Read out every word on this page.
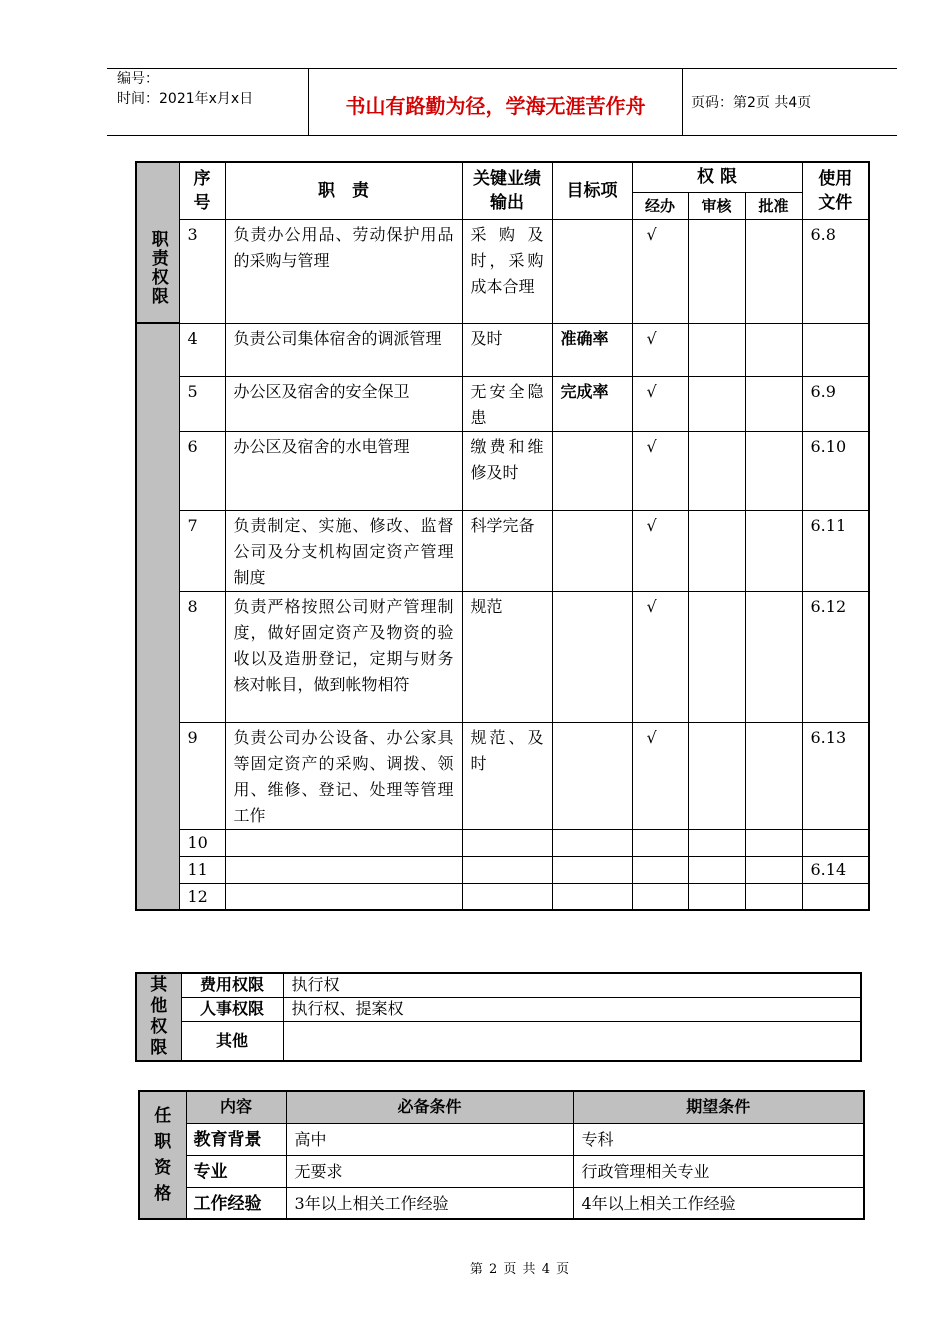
编号：
时间：2021年x月x日	书山有路勤为径，学海无涯苦作舟	页码：第2页 共4页
职责权限	序号	职　责	关键业绩输出	目标项	权 限			使用文件

					经办	审核	批准	
	3	负责办公用品、劳动保护用品的采购与管理	采购及时，采购成本合理		√			6.8
	4	负责公司集体宿舍的调派管理	及时	准确率	√			
	5	办公区及宿舍的安全保卫	无安全隐患	完成率	√			6.9
	6	办公区及宿舍的水电管理	缴费和维修及时		√			6.10
	7	负责制定、实施、修改、监督公司及分支机构固定资产管理制度	科学完备		√			6.11
	8	负责严格按照公司财产管理制度，做好固定资产及物资的验收以及造册登记，定期与财务核对帐目，做到帐物相符	规范		√			6.12
	9	负责公司办公设备、办公家具等固定资产的采购、调拨、领用、维修、登记、处理等管理工作	规范、及时		√			6.13
	10							
	11							6.14
	12							
其他权限	费用权限	执行权
	人事权限	执行权、提案权
	其他	
任职资格	内容	必备条件	期望条件
	教育背景	高中	专科
	专业	无要求	行政管理相关专业
	工作经验	3年以上相关工作经验	4年以上相关工作经验
第 2 页 共 4 页
